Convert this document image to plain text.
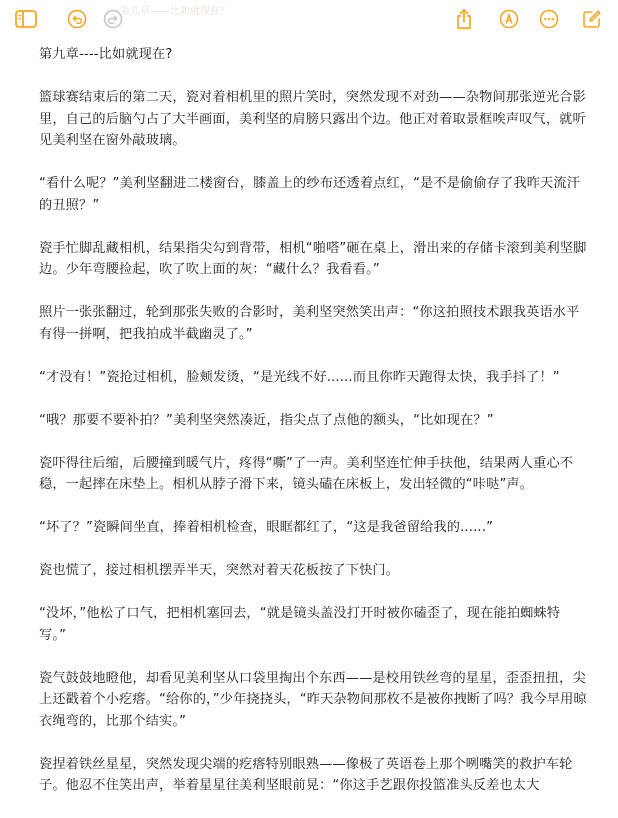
第九章——比如就现在？

第九章----比如就现在?

篮球赛结束后的第二天，瓷对着相机里的照片笑时，突然发现不对劲——杂物间那张逆光合影里，自己的后脑勺占了大半画面，美利坚的肩膀只露出个边。他正对着取景框唉声叹气，就听见美利坚在窗外敲玻璃。

“看什么呢？”美利坚翻进二楼窗台，膝盖上的纱布还透着点红，“是不是偷偷存了我昨天流汗的丑照？”

瓷手忙脚乱藏相机，结果指尖勾到背带，相机“啪嗒”砸在桌上，滑出来的存储卡滚到美利坚脚边。少年弯腰捡起，吹了吹上面的灰：“藏什么？我看看。”

照片一张张翻过，轮到那张失败的合影时，美利坚突然笑出声：“你这拍照技术跟我英语水平有得一拼啊，把我拍成半截幽灵了。”

“才没有！”瓷抢过相机，脸颊发烫，“是光线不好......而且你昨天跑得太快，我手抖了！”

“哦？那要不要补拍？”美利坚突然凑近，指尖点了点他的额头，“比如现在？”

瓷吓得往后缩，后腰撞到暖气片，疼得“嘶”了一声。美利坚连忙伸手扶他，结果两人重心不稳，一起摔在床垫上。相机从脖子滑下来，镜头磕在床板上，发出轻微的“咔哒”声。

“坏了？”瓷瞬间坐直，捧着相机检查，眼眶都红了，“这是我爸留给我的......”

瓷也慌了，接过相机摆弄半天，突然对着天花板按了下快门。

“没坏，”他松了口气，把相机塞回去，“就是镜头盖没打开时被你磕歪了，现在能拍蜘蛛特写。”

瓷气鼓鼓地瞪他，却看见美利坚从口袋里掏出个东西——是校用铁丝弯的星星，歪歪扭扭，尖上还戳着个小疙瘩。“给你的，”少年挠挠头，“昨天杂物间那枚不是被你拽断了吗？我今早用晾衣绳弯的，比那个结实。”

瓷捏着铁丝星星，突然发现尖端的疙瘩特别眼熟——像极了英语卷上那个咧嘴笑的救护车轮子。他忍不住笑出声，举着星星往美利坚眼前晃：“你这手艺跟你投篮准头反差也太大
